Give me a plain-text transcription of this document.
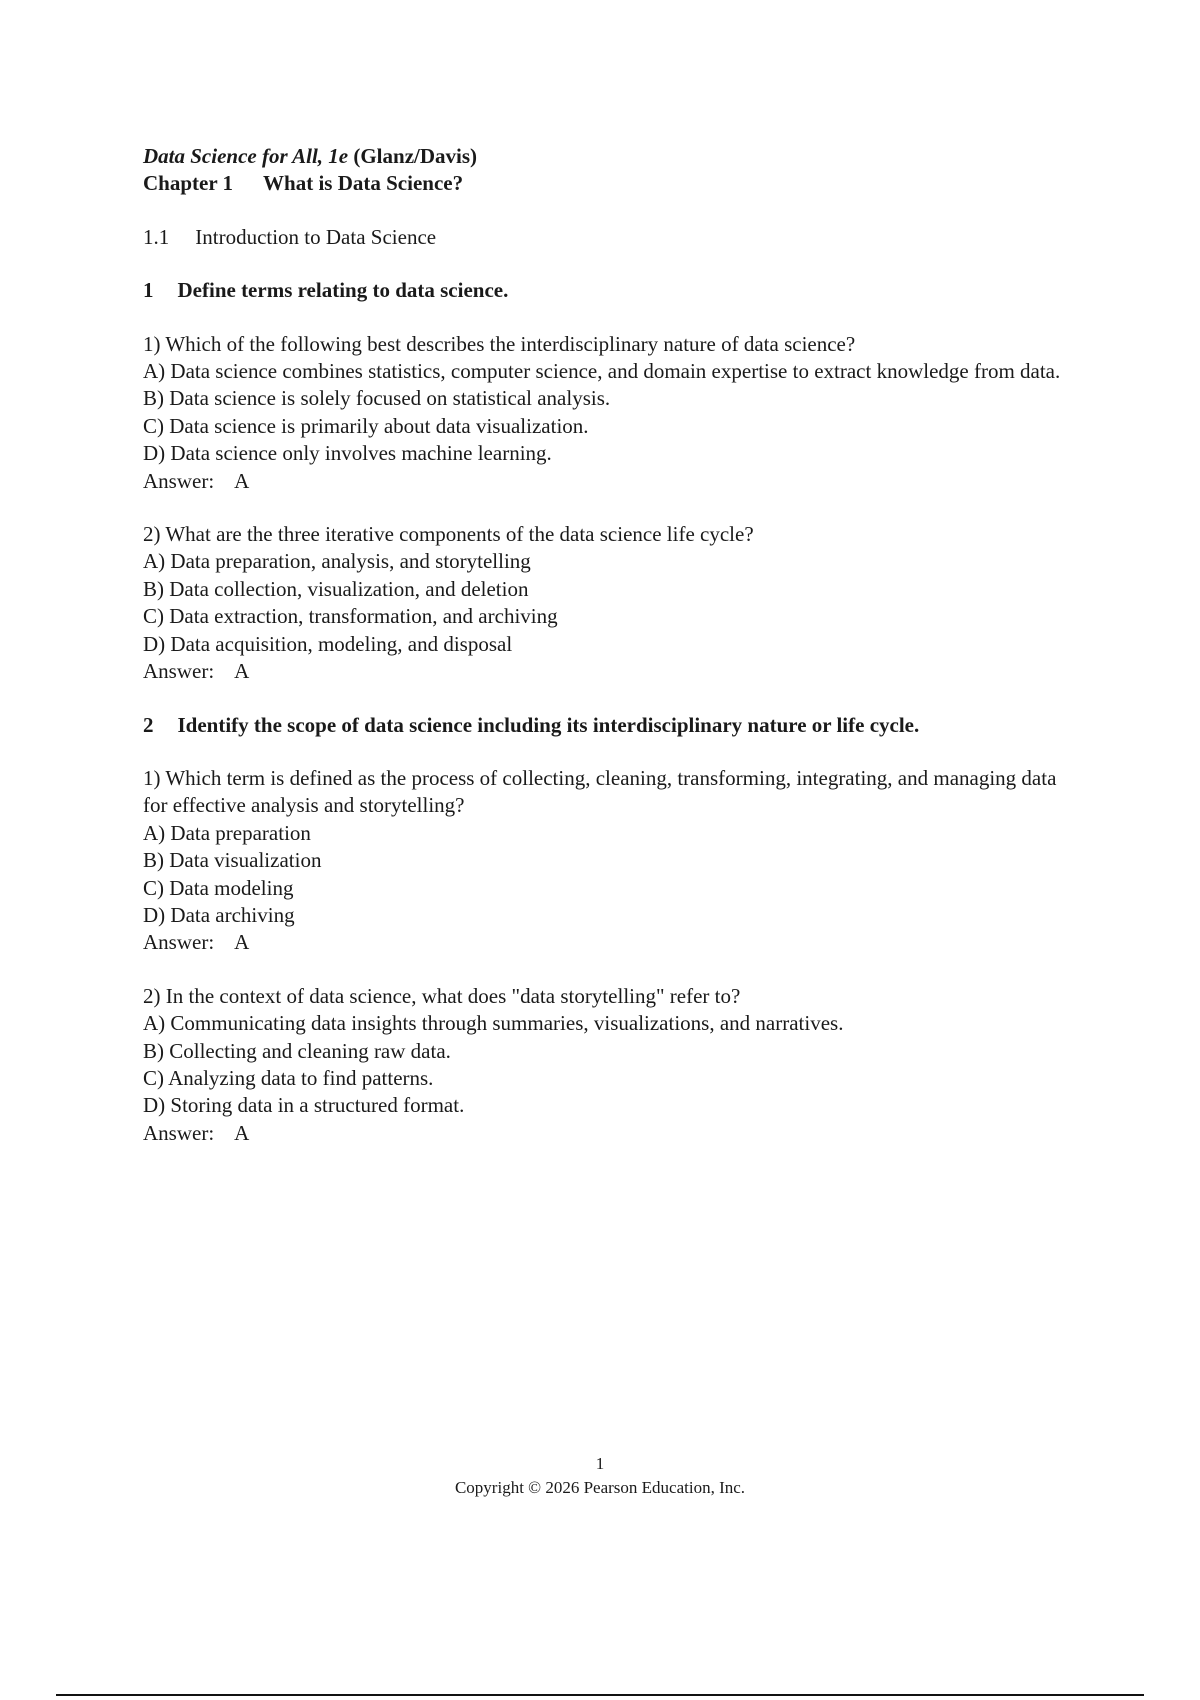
Data Science for All, 1e (Glanz/Davis)
Chapter 1 What is Data Science?
1.1 Introduction to Data Science
1 Define terms relating to data science.
1) Which of the following best describes the interdisciplinary nature of data science?
A) Data science combines statistics, computer science, and domain expertise to extract knowledge from data.
B) Data science is solely focused on statistical analysis.
C) Data science is primarily about data visualization.
D) Data science only involves machine learning.
Answer: A
2) What are the three iterative components of the data science life cycle?
A) Data preparation, analysis, and storytelling
B) Data collection, visualization, and deletion
C) Data extraction, transformation, and archiving
D) Data acquisition, modeling, and disposal
Answer: A
2 Identify the scope of data science including its interdisciplinary nature or life cycle.
1) Which term is defined as the process of collecting, cleaning, transforming, integrating, and managing data for effective analysis and storytelling?
A) Data preparation
B) Data visualization
C) Data modeling
D) Data archiving
Answer: A
2) In the context of data science, what does "data storytelling" refer to?
A) Communicating data insights through summaries, visualizations, and narratives.
B) Collecting and cleaning raw data.
C) Analyzing data to find patterns.
D) Storing data in a structured format.
Answer: A
1
Copyright © 2026 Pearson Education, Inc.
